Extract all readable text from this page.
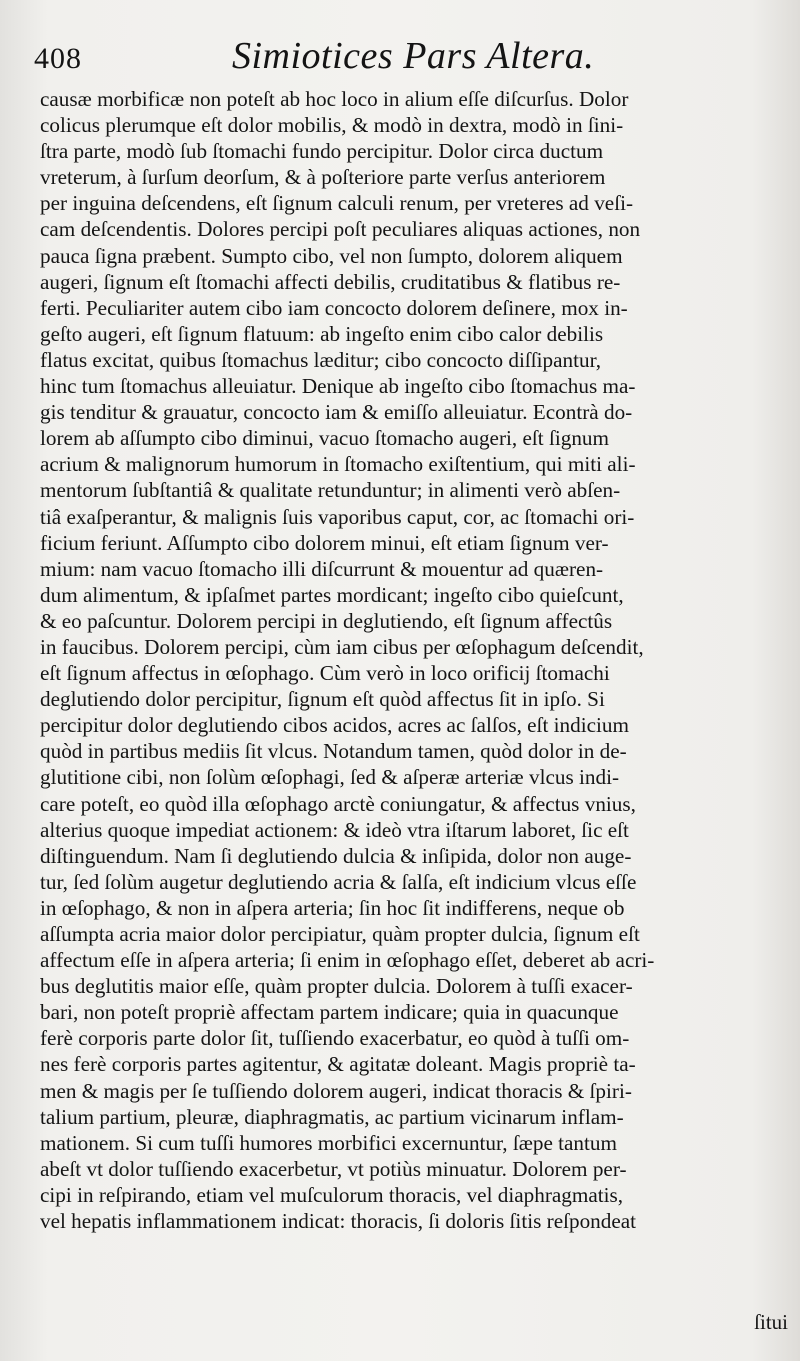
408	Simiotices Pars Altera.
causæ morbificæ non poteſt ab hoc loco in alium eſſe diſcurſus. Dolor
colicus plerumque eſt dolor mobilis, & modò in dextra, modò in ſini-
ſtra parte, modò ſub ſtomachi fundo percipitur. Dolor circa ductum
vreterum, à ſurſum deorſum, & à poſteriore parte verſus anteriorem
per inguina deſcendens, eſt ſignum calculi renum, per vreteres ad veſi-
cam deſcendentis. Dolores percipi poſt peculiares aliquas actiones, non
pauca ſigna præbent. Sumpto cibo, vel non ſumpto, dolorem aliquem
augeri, ſignum eſt ſtomachi affecti debilis, cruditatibus & flatibus re-
ferti. Peculiariter autem cibo iam concocto dolorem deſinere, mox in-
geſto augeri, eſt ſignum flatuum: ab ingeſto enim cibo calor debilis
flatus excitat, quibus ſtomachus læditur; cibo concocto diſſipantur,
hinc tum ſtomachus alleuiatur. Denique ab ingeſto cibo ſtomachus ma-
gis tenditur & grauatur, concocto iam & emiſſo alleuiatur. Econtrà do-
lorem ab aſſumpto cibo diminui, vacuo ſtomacho augeri, eſt ſignum
acrium & malignorum humorum in ſtomacho exiſtentium, qui miti ali-
mentorum ſubſtantiâ & qualitate retunduntur; in alimenti verò abſen-
tiâ exaſperantur, & malignis ſuis vaporibus caput, cor, ac ſtomachi ori-
ficium feriunt. Aſſumpto cibo dolorem minui, eſt etiam ſignum ver-
mium: nam vacuo ſtomacho illi diſcurrunt & mouentur ad quæren-
dum alimentum, & ipſaſmet partes mordicant; ingeſto cibo quieſcunt,
& eo paſcuntur. Dolorem percipi in deglutiendo, eſt ſignum affectûs
in faucibus. Dolorem percipi, cùm iam cibus per œſophagum deſcendit,
eſt ſignum affectus in œſophago. Cùm verò in loco orificij ſtomachi
deglutiendo dolor percipitur, ſignum eſt quòd affectus ſit in ipſo. Si
percipitur dolor deglutiendo cibos acidos, acres ac ſalſos, eſt indicium
quòd in partibus mediis ſit vlcus. Notandum tamen, quòd dolor in de-
glutitione cibi, non ſolùm œſophagi, ſed & aſperæ arteriæ vlcus indi-
care poteſt, eo quòd illa œſophago arctè coniungatur, & affectus vnius,
alterius quoque impediat actionem: & ideò vtra iſtarum laboret, ſic eſt
diſtinguendum. Nam ſi deglutiendo dulcia & inſipida, dolor non auge-
tur, ſed ſolùm augetur deglutiendo acria & ſalſa, eſt indicium vlcus eſſe
in œſophago, & non in aſpera arteria; ſin hoc ſit indifferens, neque ob
aſſumpta acria maior dolor percipiatur, quàm propter dulcia, ſignum eſt
affectum eſſe in aſpera arteria; ſi enim in œſophago eſſet, deberet ab acri-
bus deglutitis maior eſſe, quàm propter dulcia. Dolorem à tuſſi exacer-
bari, non poteſt propriè affectam partem indicare; quia in quacunque
ferè corporis parte dolor ſit, tuſſiendo exacerbatur, eo quòd à tuſſi om-
nes ferè corporis partes agitentur, & agitatæ doleant. Magis propriè ta-
men & magis per ſe tuſſiendo dolorem augeri, indicat thoracis & ſpiri-
talium partium, pleuræ, diaphragmatis, ac partium vicinarum inflam-
mationem. Si cum tuſſi humores morbifici excernuntur, ſæpe tantum
abeſt vt dolor tuſſiendo exacerbetur, vt potiùs minuatur. Dolorem per-
cipi in reſpirando, etiam vel muſculorum thoracis, vel diaphragmatis,
vel hepatis inflammationem indicat: thoracis, ſi doloris ſitis reſpondeat
ſitui
